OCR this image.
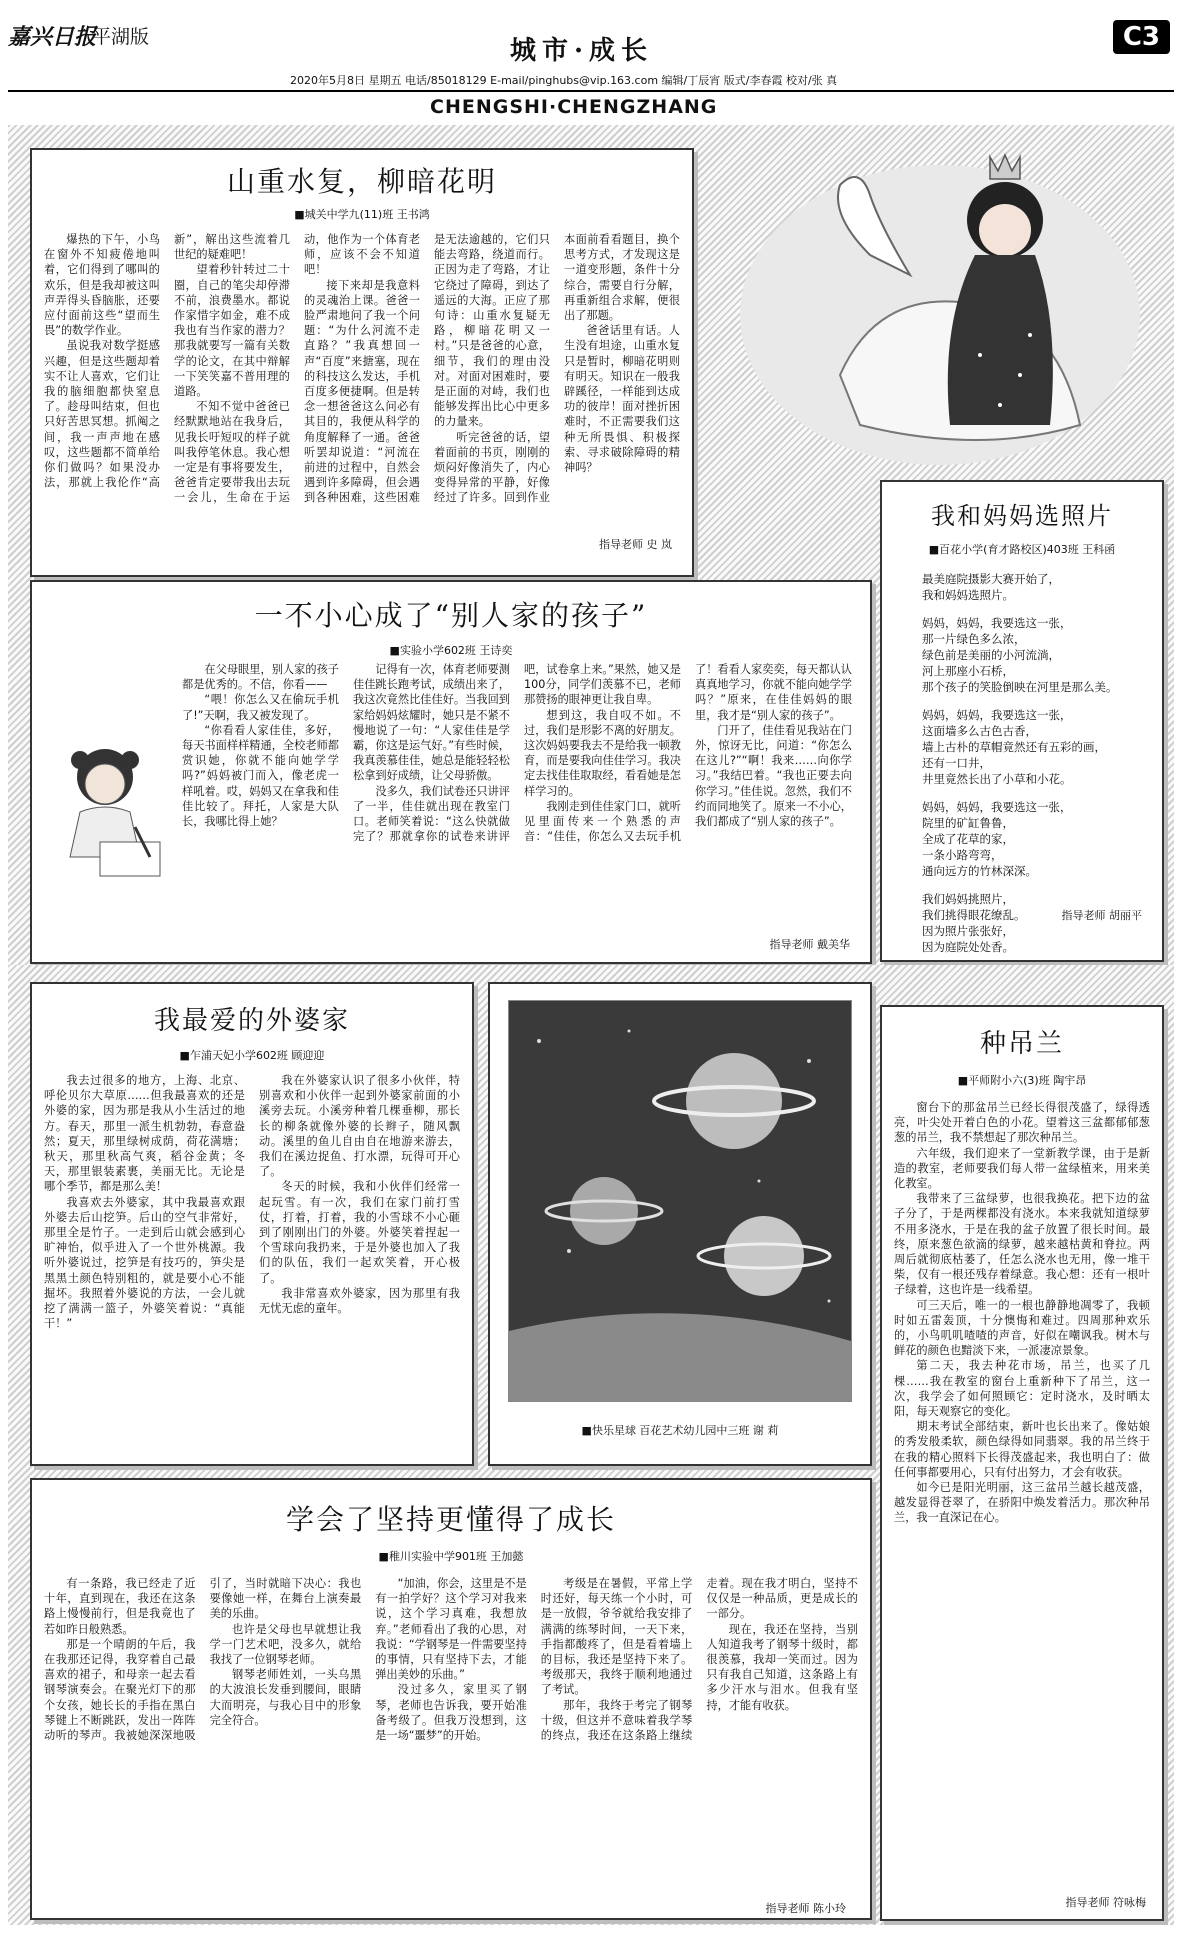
嘉兴日报
平湖版	城市·成长	C3
2020年5月8日 星期五 电话/85018129 E-mail/pinghubs@vip.163.com 编辑/丁辰宵 版式/李春霞 校对/张 真
CHENGSHI·CHENGZHANG
山重水复，柳暗花明
■城关中学九(11)班 王书鸿

爆热的下午，小鸟在窗外不知疲倦地叫着，它们得到了哪叫的欢乐，但是我却被这叫声弄得头昏脑胀，还要应付面前这些“望而生畏”的数学作业。

虽说我对数学挺感兴趣，但是这些题却着实不让人喜欢，它们让我的脑细胞都快窒息了。趁母叫结束，但也只好苦思冥想。抓阄之间，我一声声地在感叹，这些题都不简单给你们做吗？如果没办法，那就上我伦作“高新”，解出这些流着几世纪的疑难吧！

望着秒针转过二十圈，自己的笔尖却停滞不前，浪费墨水。都说作家惜字如金，难不成我也有当作家的潜力？那我就要写一篇有关数学的论文，在其中辩解一下笑笑嘉不普用理的道路。

不知不觉中爸爸已经默默地站在我身后，见我长吁短叹的样子就叫我停笔休息。我心想一定是有事将要发生，爸爸肯定要带我出去玩一会儿，生命在于运动，他作为一个体育老师，应该不会不知道吧！

接下来却是我意料的灵魂治上课。爸爸一脸严肃地问了我一个问题：“为什么河流不走直路？”我真想回一声“百度”来搪塞，现在的科技这么发达，手机百度多便捷啊。但是转念一想爸爸这么问必有其目的，我便从科学的角度解释了一通。爸爸听罢却说道：“河流在前进的过程中，自然会遇到许多障碍，但会遇到各种困难，这些困难是无法逾越的，它们只能去弯路，绕道而行。正因为走了弯路，才让它绕过了障碍，到达了遥远的大海。正应了那句诗：山重水复疑无路，柳暗花明又一村。”只是爸爸的心意，细节，我们的理由没对。对面对困难时，要是正面的对峙，我们也能够发挥出比心中更多的力量来。

听完爸爸的话，望着面前的书页，刚刚的烦闷好像消失了，内心变得异常的平静，好像经过了许多。回到作业本面前看看题目，换个思考方式，才发现这是一道变形题，条件十分综合，需要自行分解，再重新组合求解，便很出了那题。

爸爸话里有话。人生没有坦途，山重水复只是暂时，柳暗花明则有明天。知识在一般我辟蹊径，一样能到达成功的彼岸！面对挫折困难时，不正需要我们这种无所畏惧、积极探索、寻求破除障碍的精神吗？

指导老师 史 岚
我和妈妈选照片
■百花小学(育才路校区)403班 王科函

最美庭院摄影大赛开始了，
我和妈妈选照片。

妈妈，妈妈，我要选这一张，
那一片绿色多么浓，
绿色前是美丽的小河流淌，
河上那座小石桥，
那个孩子的笑脸倒映在河里是那么美。

妈妈，妈妈，我要选这一张，
这面墙多么古色古香，
墙上古朴的草帽竟然还有五彩的画，
还有一口井，
井里竟然长出了小草和小花。

妈妈，妈妈，我要选这一张，
院里的矿缸鲁鲁，
全成了花草的家，
一条小路弯弯，
通向远方的竹林深深。

我们妈妈挑照片，
我们挑得眼花缭乱。
因为照片张张好，
因为庭院处处香。

指导老师 胡丽平
一不小心成了“别人家的孩子”
■实验小学602班 王诗奕

在父母眼里，别人家的孩子都是优秀的。不信，你看——

“喂！你怎么又在偷玩手机了!”天啊，我又被发现了。

“你看看人家佳佳，多好，每天书面样样精通，全校老师都赏识她，你就不能向她学学吗?”妈妈被门而入，像老虎一样吼着。哎，妈妈又在拿我和佳佳比较了。拜托，人家是大队长，我哪比得上她？

记得有一次，体育老师要测佳佳跳长跑考试，成绩出来了，我这次竟然比佳佳好。当我回到家给妈妈炫耀时，她只是不紧不慢地说了一句：“人家佳佳是学霸，你这是运气好。”有些时候，我真羡慕佳佳，她总是能轻轻松松拿到好成绩，让父母骄傲。

没多久，我们试卷还只讲评了一半，佳佳就出现在教室门口。老师笑着说：“这么快就做完了？那就拿你的试卷来讲评吧，试卷拿上来。”果然，她又是100分，同学们羡慕不已，老师那赞扬的眼神更让我自卑。

想到这，我自叹不如。不过，我们是形影不离的好朋友。这次妈妈要我去不是给我一顿教育，而是要我向佳佳学习。我决定去找佳佳取取经，看看她是怎样学习的。

我刚走到佳佳家门口，就听见里面传来一个熟悉的声音：“佳佳，你怎么又去玩手机了！看看人家奕奕，每天都认认真真地学习，你就不能向她学学吗？”原来，在佳佳妈妈的眼里，我才是“别人家的孩子”。

门开了，佳佳看见我站在门外，惊讶无比，问道：“你怎么在这儿?”“啊！我来……向你学习。”我结巴着。“我也正要去向你学习。”佳佳说。忽然，我们不约而同地笑了。原来一不小心，我们都成了“别人家的孩子”。

指导老师 戴美华
我最爱的外婆家
■乍浦天妃小学602班 顾迎迎

我去过很多的地方，上海、北京、呼伦贝尔大草原……但我最喜欢的还是外婆的家，因为那是我从小生活过的地方。春天，那里一派生机勃勃，春意盎然；夏天，那里绿树成荫，荷花满塘；秋天，那里秋高气爽，稻谷金黄；冬天，那里银装素裹，美丽无比。无论是哪个季节，都是那么美！

我喜欢去外婆家，其中我最喜欢跟外婆去后山挖笋。后山的空气非常好，那里全是竹子。一走到后山就会感到心旷神怡，似乎进入了一个世外桃源。我听外婆说过，挖笋是有技巧的，笋尖是黑黑土颜色特别粗的，就是要小心不能掘坏。我照着外婆说的方法，一会儿就挖了满满一篮子，外婆笑着说：“真能干！”

我在外婆家认识了很多小伙伴，特别喜欢和小伙伴一起到外婆家前面的小溪旁去玩。小溪旁种着几棵垂柳，那长长的柳条就像外婆的长辫子，随风飘动。溪里的鱼儿自由自在地游来游去，我们在溪边捉鱼、打水漂，玩得可开心了。

冬天的时候，我和小伙伴们经常一起玩雪。有一次，我们在家门前打雪仗，打着，打着，我的小雪球不小心砸到了刚刚出门的外婆。外婆笑着捏起一个雪球向我扔来，于是外婆也加入了我们的队伍，我们一起欢笑着，开心极了。

我非常喜欢外婆家，因为那里有我无忧无虑的童年。

■快乐星球 百花艺术幼儿园中三班 谢 莉
种吊兰
■平师附小六(3)班 陶宇昂

窗台下的那盆吊兰已经长得很茂盛了，绿得透亮，叶尖处开着白色的小花。望着这三盆都郁郁葱葱的吊兰，我不禁想起了那次种吊兰。

六年级，我们迎来了一堂新教学课，由于是新造的教室，老师要我们每人带一盆绿植来，用来美化教室。

我带来了三盆绿萝，也很我换花。把下边的盆子分了，于是两棵都没有浇水。本来我就知道绿萝不用多浇水，于是在我的盆子放置了很长时间。最终，原来葱色欲滴的绿萝，越来越枯黄和脊拉。两周后就彻底枯萎了，任怎么浇水也无用，像一堆干柴，仅有一根还残存着绿意。我心想：还有一根叶子绿着，这也许是一线希望。

可三天后，唯一的一根也静静地凋零了，我顿时如五雷轰顶，十分懊悔和难过。四周那种欢乐的，小鸟叽叽喳喳的声音，好似在嘲讽我。树木与鲜花的颜色也黯淡下来，一派凄凉景象。

第二天，我去种花市场，吊兰，也买了几棵……我在教室的窗台上重新种下了吊兰，这一次，我学会了如何照顾它：定时浇水，及时晒太阳，每天观察它的变化。

期末考试全部结束，新叶也长出来了。像姑娘的秀发般柔软，颜色绿得如同翡翠。我的吊兰终于在我的精心照料下长得茂盛起来，我也明白了：做任何事都要用心，只有付出努力，才会有收获。

如今已是阳光明丽，这三盆吊兰越长越茂盛，越发显得苍翠了，在骄阳中焕发着活力。那次种吊兰，我一直深记在心。

指导老师 符咏梅
学会了坚持更懂得了成长
■稚川实验中学901班 王加懿

有一条路，我已经走了近十年，直到现在，我还在这条路上慢慢前行，但是我竟也了若如昨日般熟悉。

那是一个晴朗的午后，我在我那还记得，我穿着自己最喜欢的裙子，和母亲一起去看钢琴演奏会。在聚光灯下的那个女孩，她长长的手指在黑白琴键上不断跳跃，发出一阵阵动听的琴声。我被她深深地吸引了，当时就暗下决心：我也要像她一样，在舞台上演奏最美的乐曲。

也许是父母也早就想让我学一门艺术吧，没多久，就给我找了一位钢琴老师。

钢琴老师姓刘，一头乌黑的大波浪长发垂到腰间，眼睛大而明亮，与我心目中的形象完全符合。

“加油，你会，这里是不是有一拍学好？这个学习对我来说，这个学习真难，我想放弃。”老师看出了我的心思，对我说：“学钢琴是一件需要坚持的事情，只有坚持下去，才能弹出美妙的乐曲。”

没过多久，家里买了钢琴，老师也告诉我，要开始准备考级了。但我万没想到，这是一场“噩梦”的开始。

考级是在暑假，平常上学时还好，每天练一个小时，可是一放假，爷爷就给我安排了满满的练琴时间，一天下来，手指都酸疼了，但是看着墙上的目标，我还是坚持下来了。考级那天，我终于顺利地通过了考试。

那年，我终于考完了钢琴十级，但这并不意味着我学琴的终点，我还在这条路上继续走着。现在我才明白，坚持不仅仅是一种品质，更是成长的一部分。

现在，我还在坚持，当别人知道我考了钢琴十级时，都很羡慕，我却一笑而过。因为只有我自己知道，这条路上有多少汗水与泪水。但我有坚持，才能有收获。

指导老师 陈小玲
